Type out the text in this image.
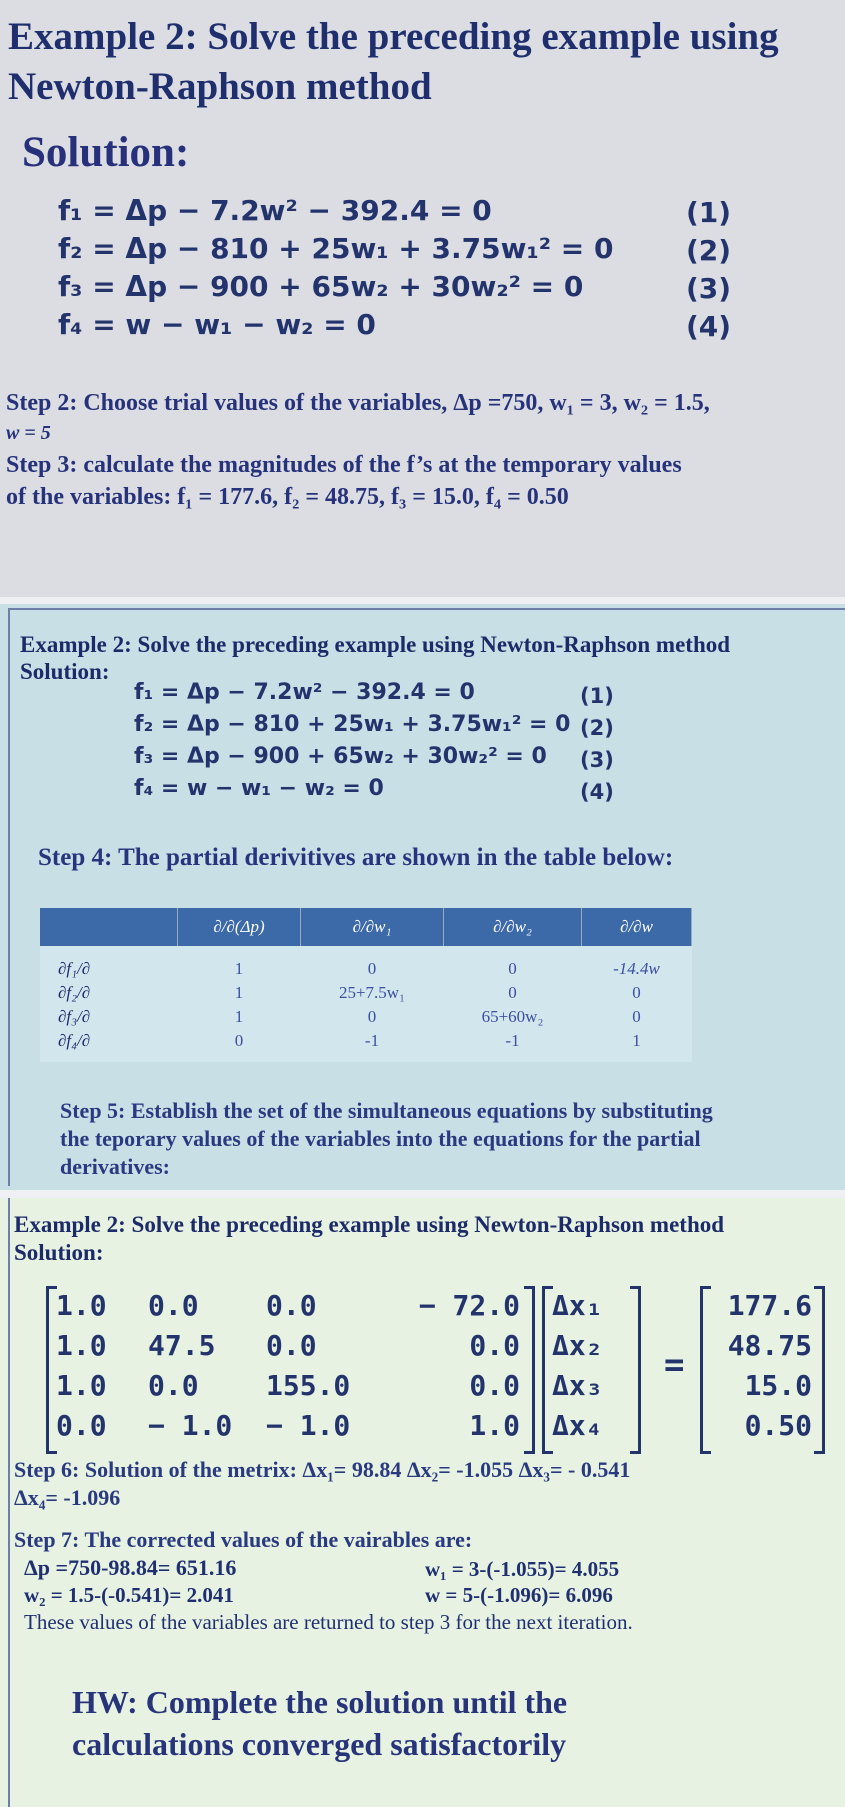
Example 2: Solve the preceding example using
Newton-Raphson method
Solution:
f₁ = Δp − 7.2w² − 392.4 = 0
f₂ = Δp − 810 + 25w₁ + 3.75w₁² = 0
f₃ = Δp − 900 + 65w₂ + 30w₂² = 0
f₄ = w − w₁ − w₂ = 0
(1)
(2)
(3)
(4)
Step 2: Choose trial values of the variables, Δp =750, w₁ = 3, w₂ = 1.5,
w = 5
Step 3: calculate the magnitudes of the f’s at the temporary values
of the variables: f₁ = 177.6, f₂ = 48.75, f₃ = 15.0, f₄ = 0.50
Example 2: Solve the preceding example using Newton-Raphson method
Solution:
f₁ = Δp − 7.2w² − 392.4 = 0
f₂ = Δp − 810 + 25w₁ + 3.75w₁² = 0
f₃ = Δp − 900 + 65w₂ + 30w₂² = 0
f₄ = w − w₁ − w₂ = 0
(1)
(2)
(3)
(4)
Step 4: The partial derivitives are shown in the table below:
	∂/∂(Δp)	∂/∂w₁	∂/∂w₂	∂/∂w
∂f₁/∂	1	0	0	-14.4w
∂f₂/∂	1	25+7.5w₁	0	0
∂f₃/∂	1	0	65+60w₂	0
∂f₄/∂	0	-1	-1	1
Step 5: Establish the set of the simultaneous equations by substituting
the teporary values of the variables into the equations for the partial
derivatives:
Example 2: Solve the preceding example using Newton-Raphson method
Solution:
1.0 0.0 0.0	− 72.0
1.0 47.5 0.0	0.0
1.0 0.0 155.0	0.0
0.0 − 1.0 − 1.0	1.0
Δx₁
Δx₂
Δx₃
Δx₄
=
177.6
48.75
15.0
0.50
Step 6: Solution of the metrix: Δx₁= 98.84 Δx₂= -1.055 Δx₃= - 0.541
Δx₄= -1.096
Step 7: The corrected values of the vairables are:
Δp =750-98.84= 651.16	w₁ = 3-(-1.055)= 4.055
w₂ = 1.5-(-0.541)= 2.041	w = 5-(-1.096)= 6.096
These values of the variables are returned to step 3 for the next iteration.
HW: Complete the solution until the
calculations converged satisfactorily
